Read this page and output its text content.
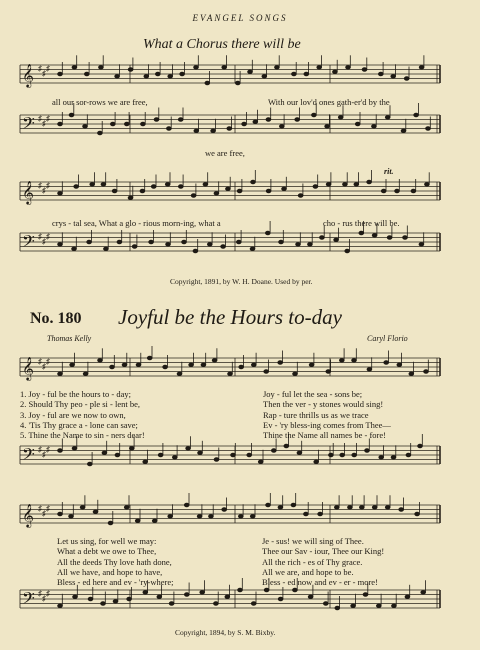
EVANGEL SONGS
What a Chorus there will be
all our sor-rows we are free,	With our lov'd ones gath-er'd by the
we are free,
rit.
crys - tal sea, What a glo - rious morn-ing, what a	cho - rus there will be.
Copyright, 1891, by W. H. Doane. Used by per.
No. 180 Joyful be the Hours to-day
Thomas Kelly	Caryl Florio
1. Joy - ful be the hours to - day;	Joy - ful let the sea - sons be;
2. Should Thy peo - ple si - lent be,	Then the ver - y stones would sing!
3. Joy - ful are we now to own,	Rap - ture thrills us as we trace
4. 'Tis Thy grace a - lone can save;	Ev - 'ry bless-ing comes from Thee—
5. Thine the Name to sin - ners dear!	Thine the Name all names be - fore!
Let us sing, for well we may:	Je - sus! we will sing of Thee.
What a debt we owe to Thee,	Thee our Sav - iour, Thee our King!
All the deeds Thy love hath done,	All the rich - es of Thy grace.
All we have, and hope to have,	All we are, and hope to be.
Bless - ed here and ev - 'ry-where;	Bless - ed now and ev - er - more!
Copyright, 1894, by S. M. Bixby.
𝄞 ♯
♯
♯
𝄢 ♯
♯
♯
𝄞 ♯
♯
♯
𝄢 ♯
♯
♯
𝄞 ♯
♯
♯
𝄢 ♯
♯
♯
𝄞 ♯
♯
♯
𝄢 ♯
♯
♯
